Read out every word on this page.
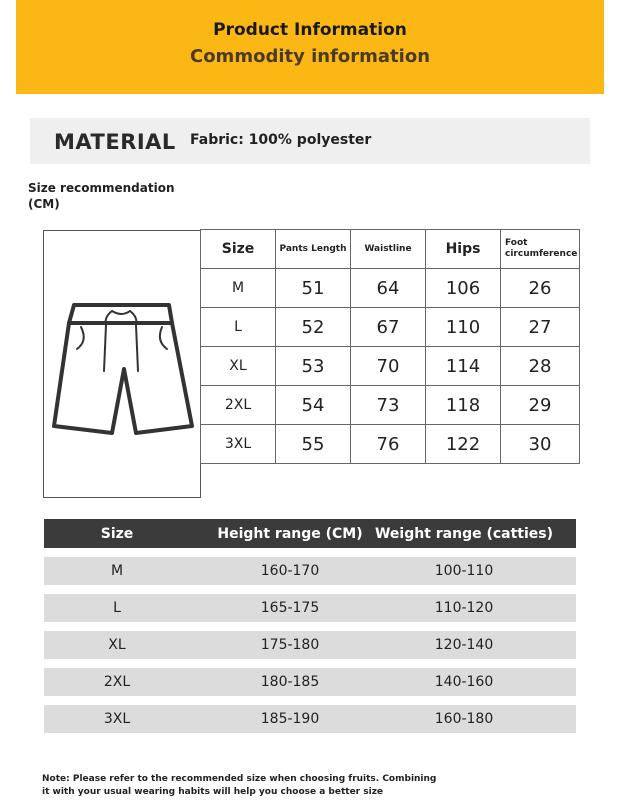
Product Information
Commodity information
MATERIAL Fabric: 100% polyester
Size recommendation (CM)
Size	Pants Length	Waistline	Hips	Foot circumference
M	51	64	106	26
L	52	67	110	27
XL	53	70	114	28
2XL	54	73	118	29
3XL	55	76	122	30
Size	Height range (CM) Weight range (catties)
M	160-170	100-110
L	165-175	110-120
XL	175-180	120-140
2XL	180-185	140-160
3XL	185-190	160-180
Note: Please refer to the recommended size when choosing fruits. Combining it with your usual wearing habits will help you choose a better size
